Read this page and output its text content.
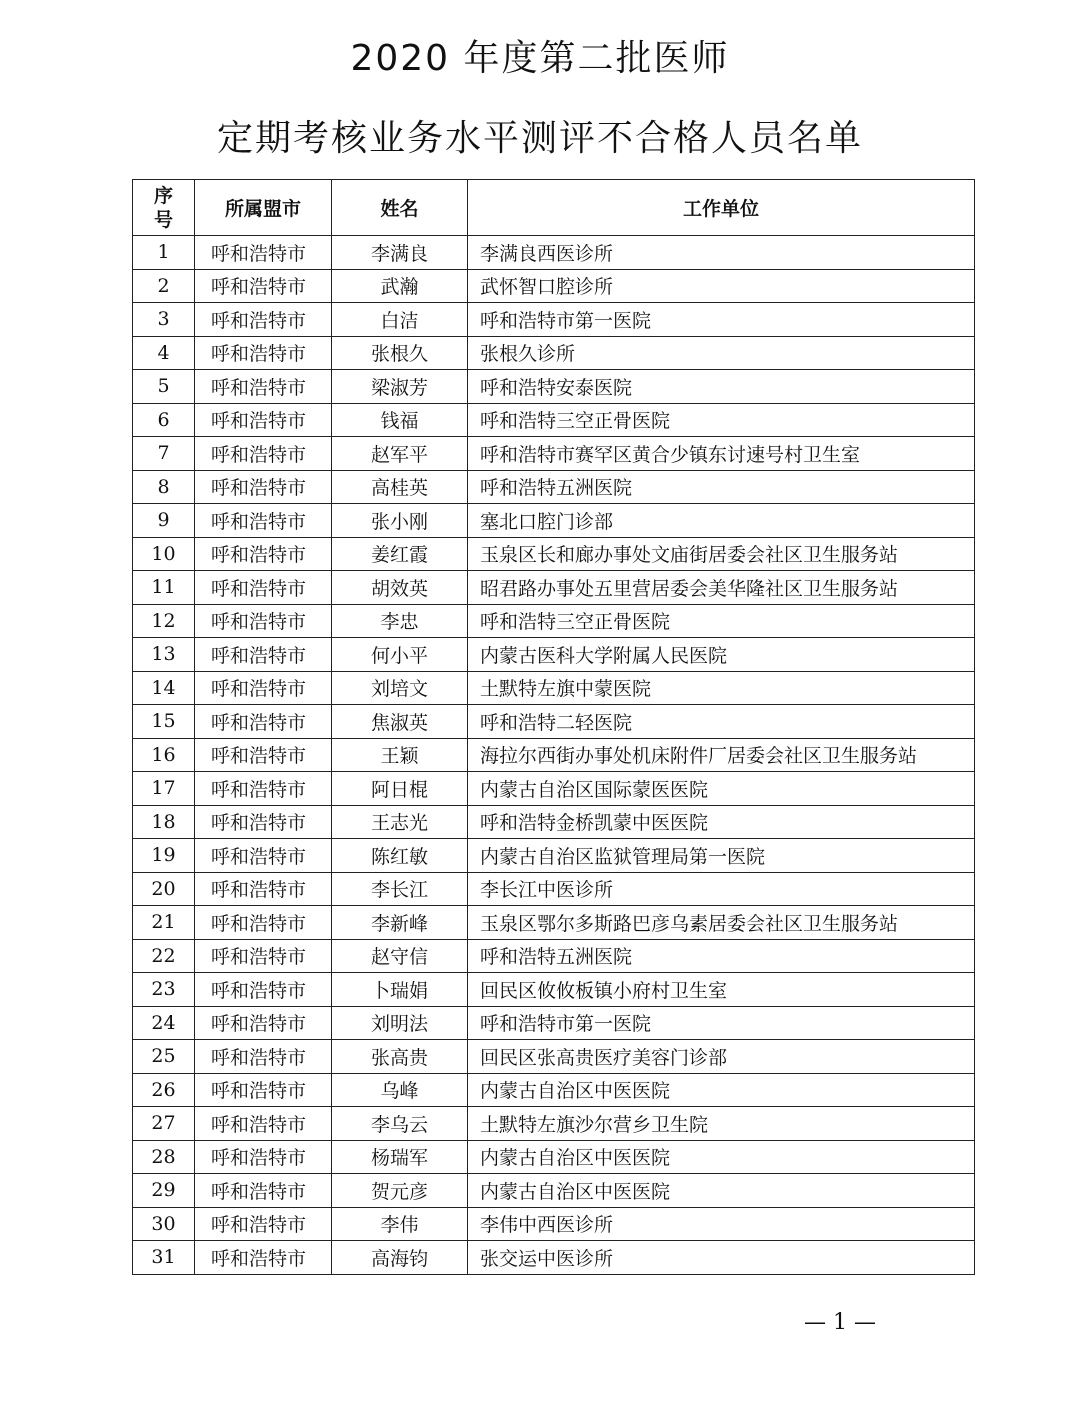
2020 年度第二批医师
定期考核业务水平测评不合格人员名单
序号	所属盟市	姓名	工作单位
1	呼和浩特市	李满良	李满良西医诊所
2	呼和浩特市	武瀚	武怀智口腔诊所
3	呼和浩特市	白洁	呼和浩特市第一医院
4	呼和浩特市	张根久	张根久诊所
5	呼和浩特市	梁淑芳	呼和浩特安泰医院
6	呼和浩特市	钱福	呼和浩特三空正骨医院
7	呼和浩特市	赵军平	呼和浩特市赛罕区黄合少镇东讨速号村卫生室
8	呼和浩特市	高桂英	呼和浩特五洲医院
9	呼和浩特市	张小刚	塞北口腔门诊部
10	呼和浩特市	姜红霞	玉泉区长和廊办事处文庙街居委会社区卫生服务站
11	呼和浩特市	胡效英	昭君路办事处五里营居委会美华隆社区卫生服务站
12	呼和浩特市	李忠	呼和浩特三空正骨医院
13	呼和浩特市	何小平	内蒙古医科大学附属人民医院
14	呼和浩特市	刘培文	土默特左旗中蒙医院
15	呼和浩特市	焦淑英	呼和浩特二轻医院
16	呼和浩特市	王颖	海拉尔西街办事处机床附件厂居委会社区卫生服务站
17	呼和浩特市	阿日棍	内蒙古自治区国际蒙医医院
18	呼和浩特市	王志光	呼和浩特金桥凯蒙中医医院
19	呼和浩特市	陈红敏	内蒙古自治区监狱管理局第一医院
20	呼和浩特市	李长江	李长江中医诊所
21	呼和浩特市	李新峰	玉泉区鄂尔多斯路巴彦乌素居委会社区卫生服务站
22	呼和浩特市	赵守信	呼和浩特五洲医院
23	呼和浩特市	卜瑞娟	回民区攸攸板镇小府村卫生室
24	呼和浩特市	刘明法	呼和浩特市第一医院
25	呼和浩特市	张高贵	回民区张高贵医疗美容门诊部
26	呼和浩特市	乌峰	内蒙古自治区中医医院
27	呼和浩特市	李乌云	土默特左旗沙尔营乡卫生院
28	呼和浩特市	杨瑞军	内蒙古自治区中医医院
29	呼和浩特市	贺元彦	内蒙古自治区中医医院
30	呼和浩特市	李伟	李伟中西医诊所
31	呼和浩特市	高海钧	张交运中医诊所
— 1 —
